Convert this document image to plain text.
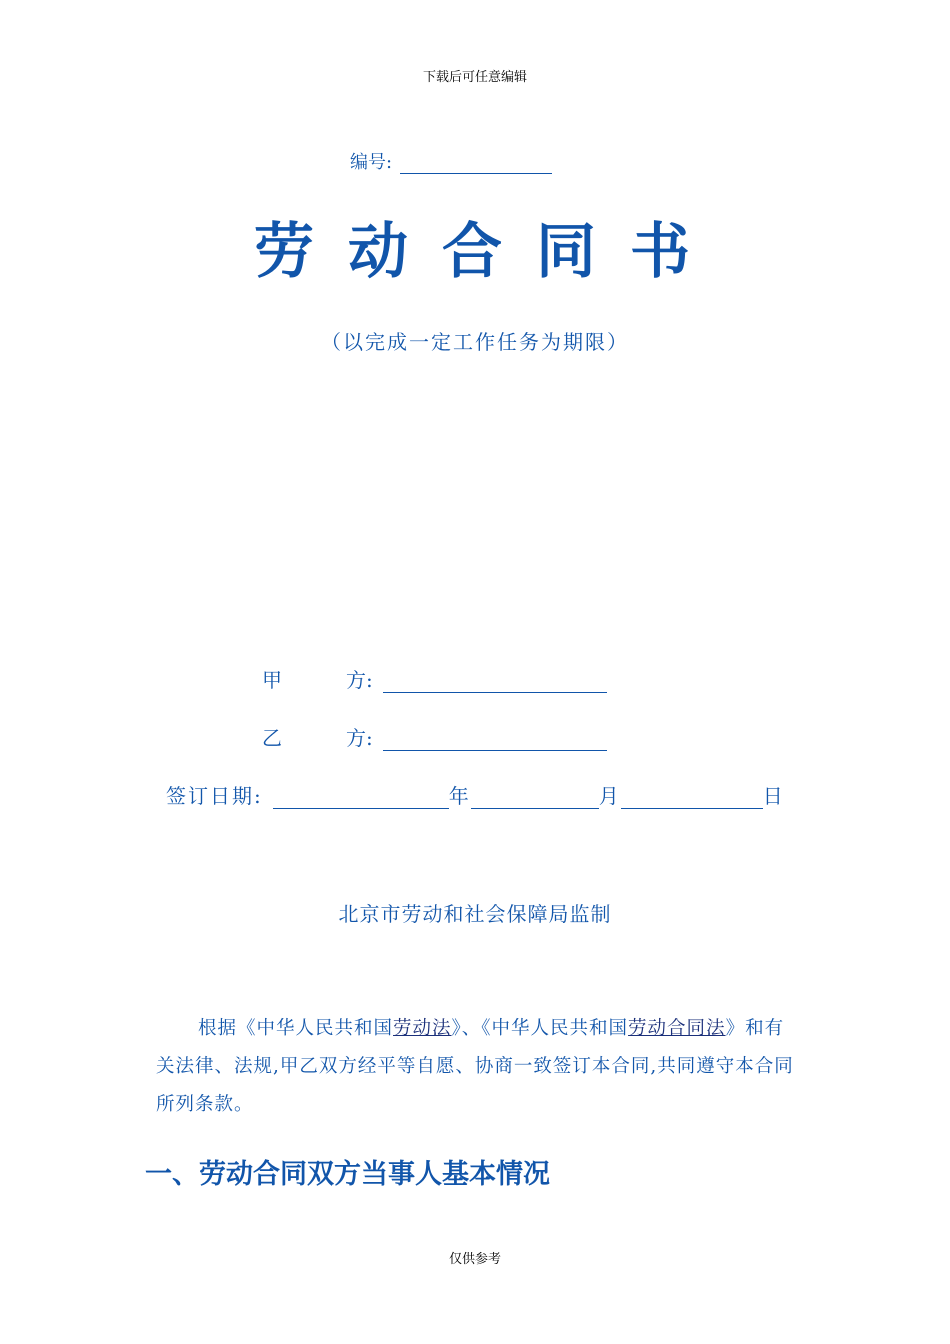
下载后可任意编辑
编号:
劳动合同书
（以完成一定工作任务为期限）
甲	方:
乙	方:
签订日期:	年	月	日
北京市劳动和社会保障局监制
根据《中华人民共和国劳动法》、《中华人民共和国劳动合同法》和有关法律、法规,甲乙双方经平等自愿、协商一致签订本合同,共同遵守本合同所列条款。
一、劳动合同双方当事人基本情况
仅供参考
